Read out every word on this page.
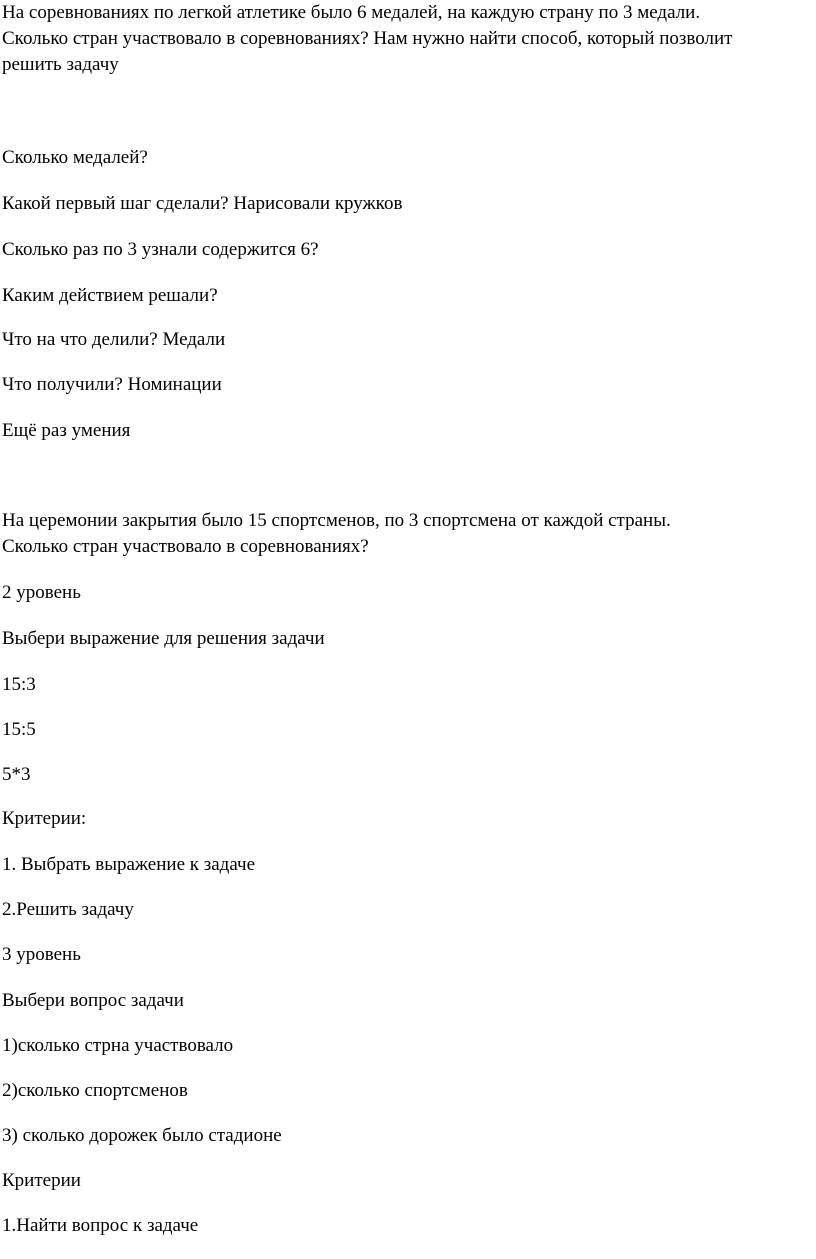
На соревнованиях по легкой атлетике было 6 медалей, на каждую страну по 3 медали.
Сколько стран участвовало в соревнованиях? Нам нужно найти способ, который позволит
решить задачу
Сколько медалей?
Какой первый шаг сделали? Нарисовали кружков
Сколько раз по 3 узнали содержится 6?
Каким действием решали?
Что на что делили? Медали
Что получили? Номинации
Ещё раз умения
На церемонии закрытия было 15 спортсменов, по 3 спортсмена от каждой страны.
Сколько стран участвовало в соревнованиях?
2 уровень
Выбери выражение для решения задачи
15:3
15:5
5*3
Критерии:
1. Выбрать выражение к задаче
2.Решить задачу
3 уровень
Выбери вопрос задачи
1)сколько стрна участвовало
2)сколько спортсменов
3) сколько дорожек было стадионе
Критерии
1.Найти вопрос к задаче
